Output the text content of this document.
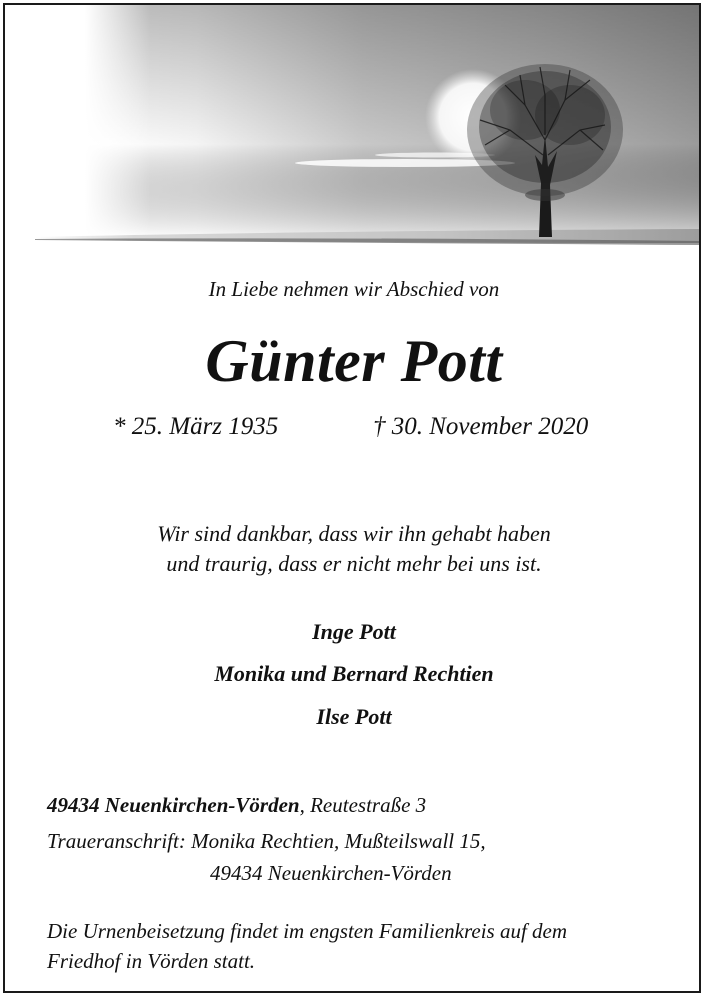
In Liebe nehmen wir Abschied von
Günter Pott
* 25. März 1935	† 30. November 2020
Wir sind dankbar, dass wir ihn gehabt haben
und traurig, dass er nicht mehr bei uns ist.
Inge Pott
Monika und Bernard Rechtien
Ilse Pott
49434 Neuenkirchen-Vörden, Reutestraße 3
Traueranschrift: Monika Rechtien, Mußteilswall 15,
49434 Neuenkirchen-Vörden
Die Urnenbeisetzung findet im engsten Familienkreis auf dem
Friedhof in Vörden statt.
